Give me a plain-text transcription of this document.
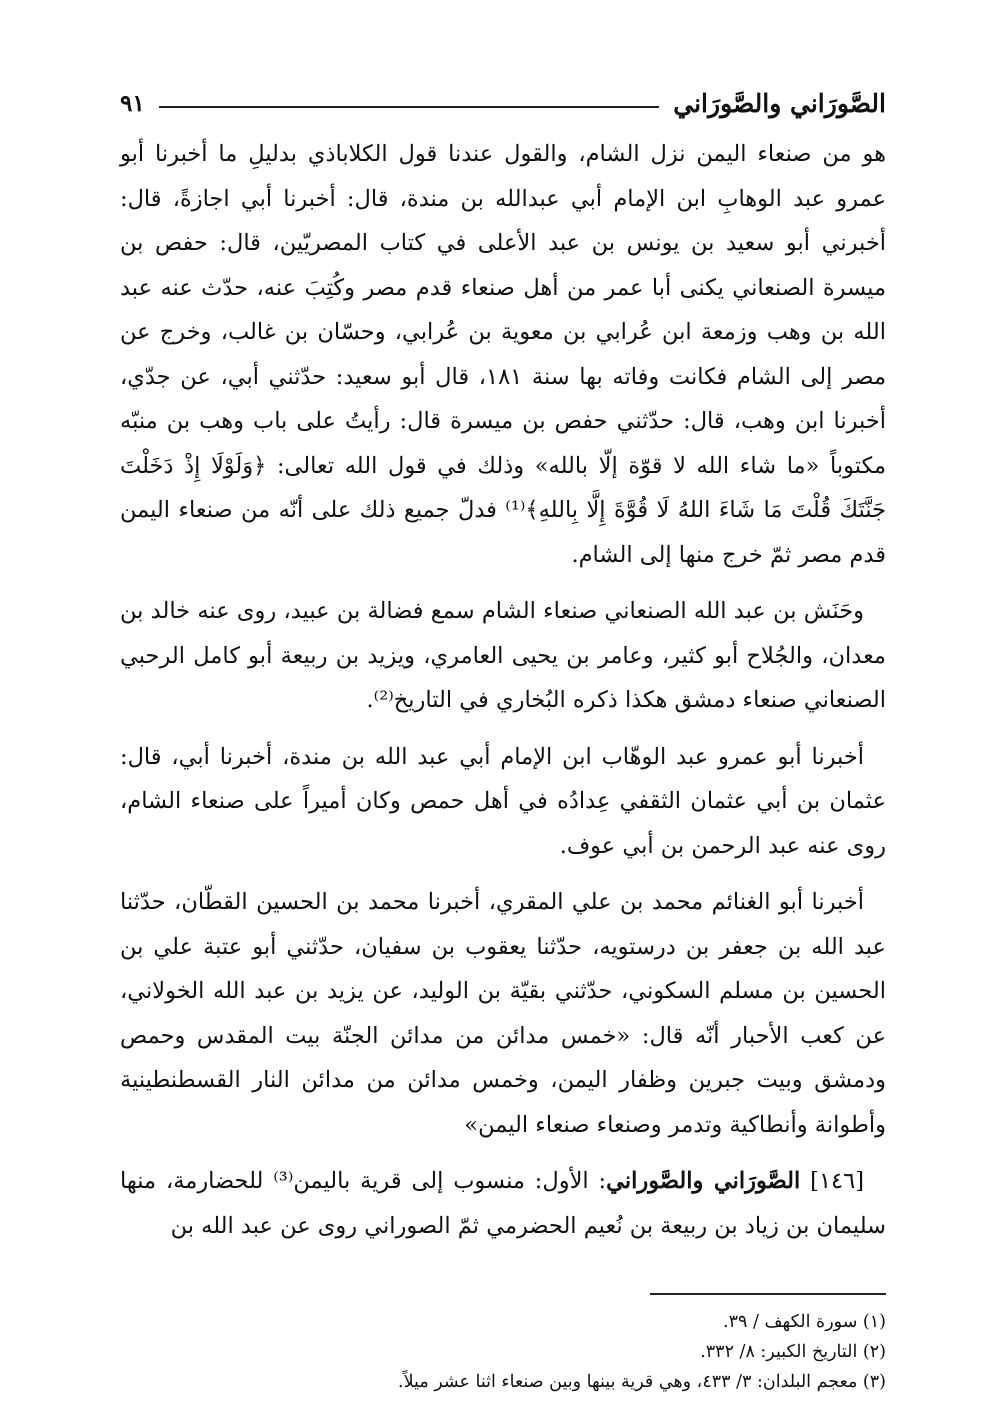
الصَّورَاني والصَّورَاني
٩١

هو من صنعاء اليمن نزل الشام، والقول عندنا قول الكلاباذي بدليلِ ما أخبرنا أبو عمرو عبد الوهابِ ابن الإمام أبي عبدالله بن مندة، قال: أخبرنا أبي اجازةً، قال: أخبرني أبو سعيد بن يونس بن عبد الأعلى في كتاب المصريّين، قال: حفص بن ميسرة الصنعاني يكنى أبا عمر من أهل صنعاء قدم مصر وكُتِبَ عنه، حدّث عنه عبد الله بن وهب وزمعة ابن عُرابي بن معوية بن عُرابي، وحسّان بن غالب، وخرج عن مصر إلى الشام فكانت وفاته بها سنة ١٨١، قال أبو سعيد: حدّثني أبي، عن جدّي، أخبرنا ابن وهب، قال: حدّثني حفص بن ميسرة قال: رأيتُ على باب وهب بن منبّه مكتوباً «ما شاء الله لا قوّة إلّا بالله» وذلك في قول الله تعالى: ﴿وَلَوْلَا إِذْ دَخَلْتَ جَنَّتَكَ قُلْتَ مَا شَاءَ اللهُ لَا قُوَّةَ إِلَّا بِاللهِ﴾⁽¹⁾ فدلّ جميع ذلك على أنّه من صنعاء اليمن قدم مصر ثمّ خرج منها إلى الشام.

وحَنَش بن عبد الله الصنعاني صنعاء الشام سمع فضالة بن عبيد، روى عنه خالد بن معدان، والجُلاح أبو كثير، وعامر بن يحيى العامري، ويزيد بن ربيعة أبو كامل الرحبي الصنعاني صنعاء دمشق هكذا ذكره البُخاري في التاريخ⁽²⁾.

أخبرنا أبو عمرو عبد الوهّاب ابن الإمام أبي عبد الله بن مندة، أخبرنا أبي، قال: عثمان بن أبي عثمان الثقفي عِدادُه في أهل حمص وكان أميراً على صنعاء الشام، روى عنه عبد الرحمن بن أبي عوف.

أخبرنا أبو الغنائم محمد بن علي المقري، أخبرنا محمد بن الحسين القطّان، حدّثنا عبد الله بن جعفر بن درستويه، حدّثنا يعقوب بن سفيان، حدّثني أبو عتبة علي بن الحسين بن مسلم السكوني، حدّثني بقيّة بن الوليد، عن يزيد بن عبد الله الخولاني، عن كعب الأحبار أنّه قال: «خمس مدائن من مدائن الجنّة بيت المقدس وحمص ودمشق وبيت جبرين وظفار اليمن، وخمس مدائن من مدائن النار القسطنطينية وأطوانة وأنطاكية وتدمر وصنعاء صنعاء اليمن»

[١٤٦] الصَّورَاني والصَّوراني: الأول: منسوب إلى قرية باليمن⁽³⁾ للحضارمة، منها سليمان بن زياد بن ربيعة بن نُعيم الحضرمي ثمّ الصوراني روى عن عبد الله بن

(١) سورة الكهف / ٣٩.

(٢) التاريخ الكبير: ٨/ ٣٣٢.

(٣) معجم البلدان: ٣/ ٤٣٣، وهي قرية بينها وبين صنعاء اثنا عشر ميلاً.
